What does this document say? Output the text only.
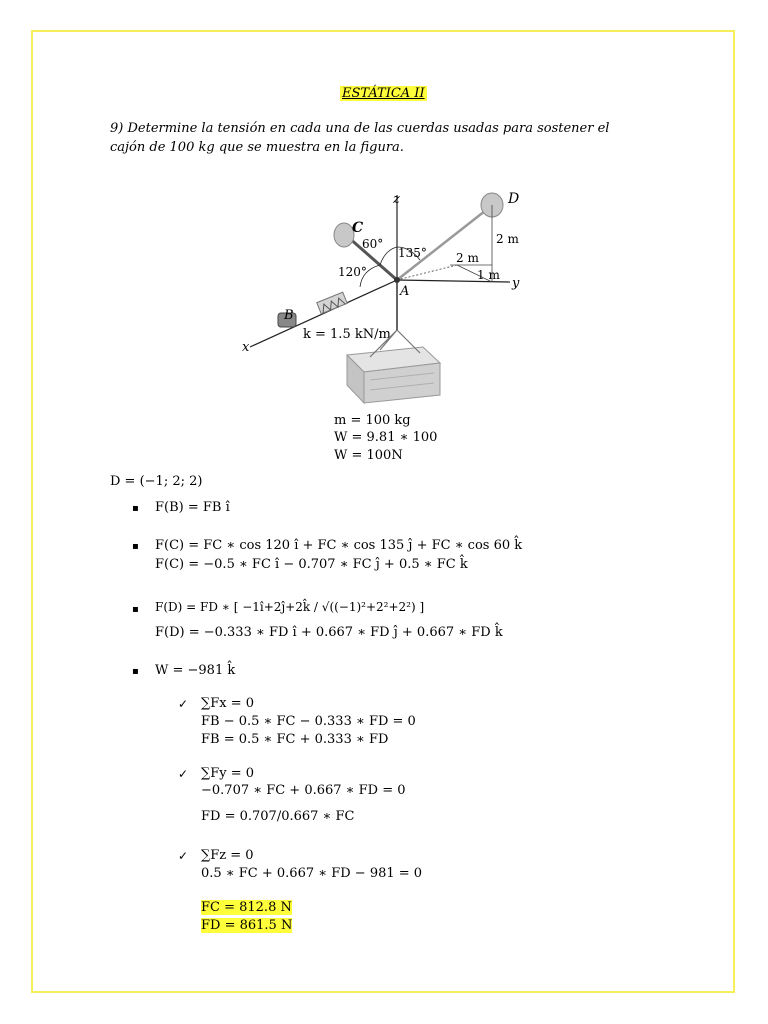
ESTÁTICA II
9) Determine la tensión en cada una de las cuerdas usadas para sostener el
cajón de 100 kg que se muestra en la figura.
z
y
x
C
D
2 m
2 m
1 m
60°
135°
120°
A
B
k = 1.5 kN/m
m = 100 kg
W = 9.81 ∗ 100
W = 100N
D = (−1; 2; 2)
▪ F(B) = FB î
▪ F(C) = FC ∗ cos 120 î + FC ∗ cos 135 ĵ + FC ∗ cos 60 k̂
F(C) = −0.5 ∗ FC î − 0.707 ∗ FC ĵ + 0.5 ∗ FC k̂
▪ F(D) = FD ∗ [ −1î+2ĵ+2k̂ / √((−1)²+2²+2²) ]
F(D) = −0.333 ∗ FD î + 0.667 ∗ FD ĵ + 0.667 ∗ FD k̂
▪ W = −981 k̂
✓ ∑Fx = 0
FB − 0.5 ∗ FC − 0.333 ∗ FD = 0
FB = 0.5 ∗ FC + 0.333 ∗ FD
✓ ∑Fy = 0
−0.707 ∗ FC + 0.667 ∗ FD = 0
FD = 0.707/0.667 ∗ FC
✓ ∑Fz = 0
0.5 ∗ FC + 0.667 ∗ FD − 981 = 0
FC = 812.8 N
FD = 861.5 N
